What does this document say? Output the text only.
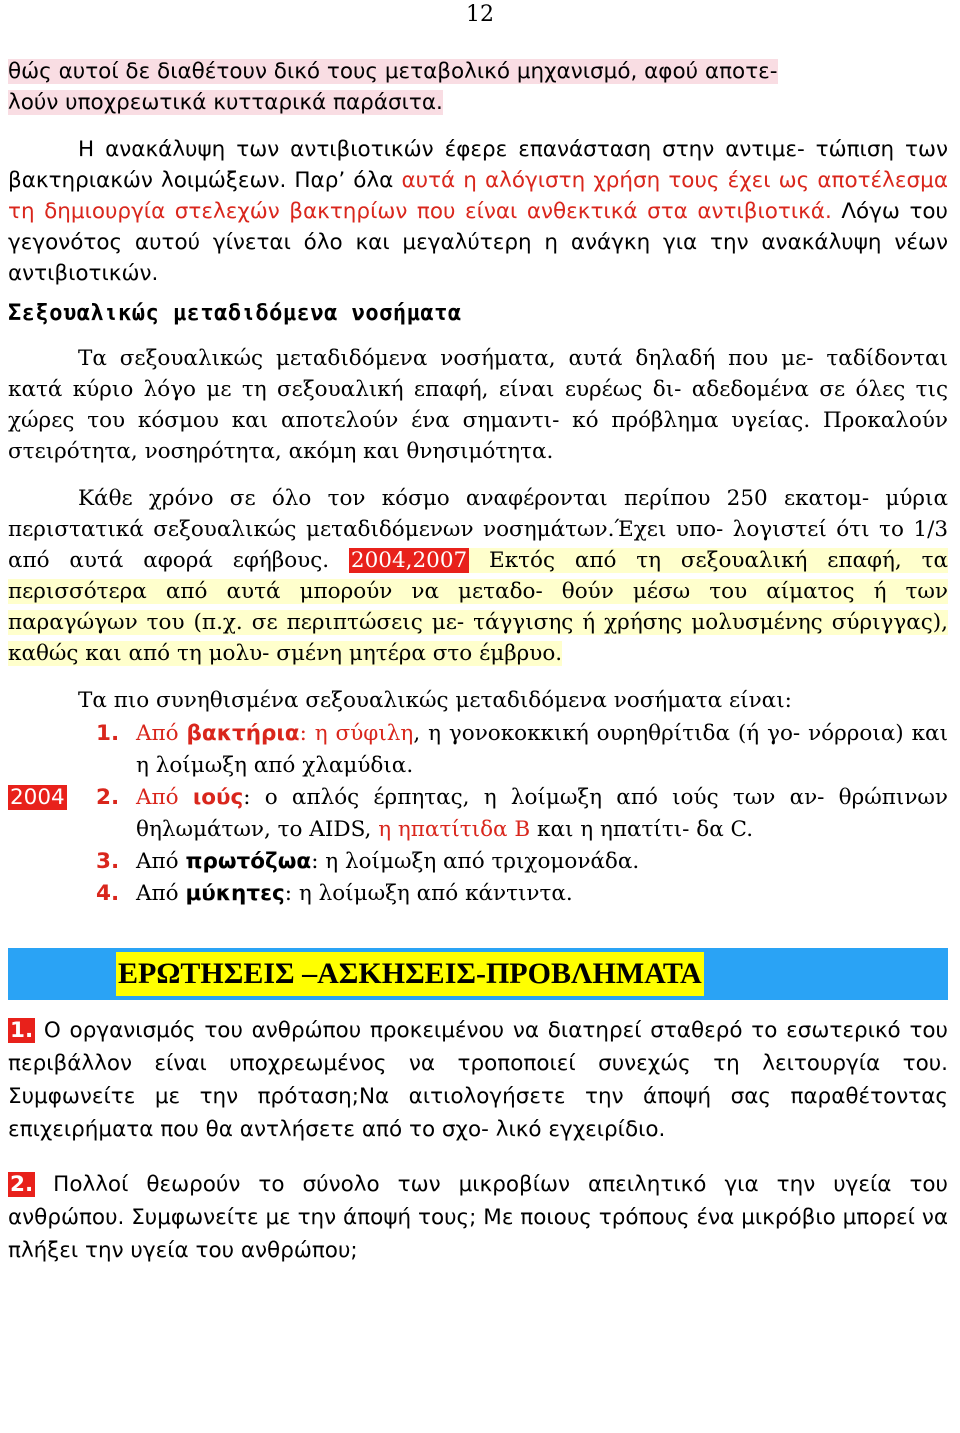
12

θώς αυτοί δε διαθέτουν δικό τους μεταβολικό μηχανισμό, αφού αποτε-
λούν υποχρεωτικά κυτταρικά παράσιτα.

Η ανακάλυψη των αντιβιοτικών έφερε επανάσταση στην αντιμε- τώπιση των βακτηριακών λοιμώξεων. Παρ’ όλα αυτά η αλόγιστη χρήση τους έχει ως αποτέλεσμα τη δημιουργία στελεχών βακτηρίων που είναι ανθεκτικά στα αντιβιοτικά. Λόγω του γεγονότος αυτού γίνεται όλο και μεγαλύτερη η ανάγκη για την ανακάλυψη νέων αντιβιοτικών.

Σεξουαλικώς μεταδιδόμενα νοσήματα

Τα σεξουαλικώς μεταδιδόμενα νοσήματα, αυτά δηλαδή που με- ταδίδονται κατά κύριο λόγο με τη σεξουαλική επαφή, είναι ευρέως δι- αδεδομένα σε όλες τις χώρες του κόσμου και αποτελούν ένα σημαντι- κό πρόβλημα υγείας. Προκαλούν στειρότητα, νοσηρότητα, ακόμη και θνησιμότητα.

Κάθε χρόνο σε όλο τον κόσμο αναφέρονται περίπου 250 εκατομ- μύρια περιστατικά σεξουαλικώς μεταδιδόμενων νοσημάτων.Έχει υπο- λογιστεί ότι το 1/3 από αυτά αφορά εφήβους. 2004,2007 Εκτός από τη σεξουαλική επαφή, τα περισσότερα από αυτά μπορούν να μεταδο- θούν μέσω του αίματος ή των παραγώγων του (π.χ. σε περιπτώσεις με- τάγγισης ή χρήσης μολυσμένης σύριγγας), καθώς και από τη μολυ- σμένη μητέρα στο έμβρυο.

Τα πιο συνηθισμένα σεξουαλικώς μεταδιδόμενα νοσήματα είναι:

1. Από βακτήρια: η σύφιλη, η γονοκοκκική ουρηθρίτιδα (ή γο- νόρροια) και η λοίμωξη από χλαμύδια.
2004	2. Από ιούς: ο απλός έρπητας, η λοίμωξη από ιούς των αν- θρώπινων θηλωμάτων, το AIDS, η ηπατίτιδα Β και η ηπατίτι- δα C.
3. Από πρωτόζωα: η λοίμωξη από τριχομονάδα.
4. Από μύκητες: η λοίμωξη από κάντιντα.
ΕΡΩΤΗΣΕΙΣ –ΑΣΚΗΣΕΙΣ-ΠΡΟΒΛΗΜΑΤΑ

1. Ο οργανισμός του ανθρώπου προκειμένου να διατηρεί σταθερό το εσωτερικό του περιβάλλον είναι υποχρεωμένος να τροποποιεί συνεχώς τη λειτουργία του. Συμφωνείτε με την πρόταση;Να αιτιολογήσετε την άποψή σας παραθέτοντας επιχειρήματα που θα αντλήσετε από το σχο- λικό εγχειρίδιο.

2. Πολλοί θεωρούν το σύνολο των μικροβίων απειλητικό για την υγεία του ανθρώπου. Συμφωνείτε με την άποψή τους; Με ποιους τρόπους ένα μικρόβιο μπορεί να πλήξει την υγεία του ανθρώπου;
